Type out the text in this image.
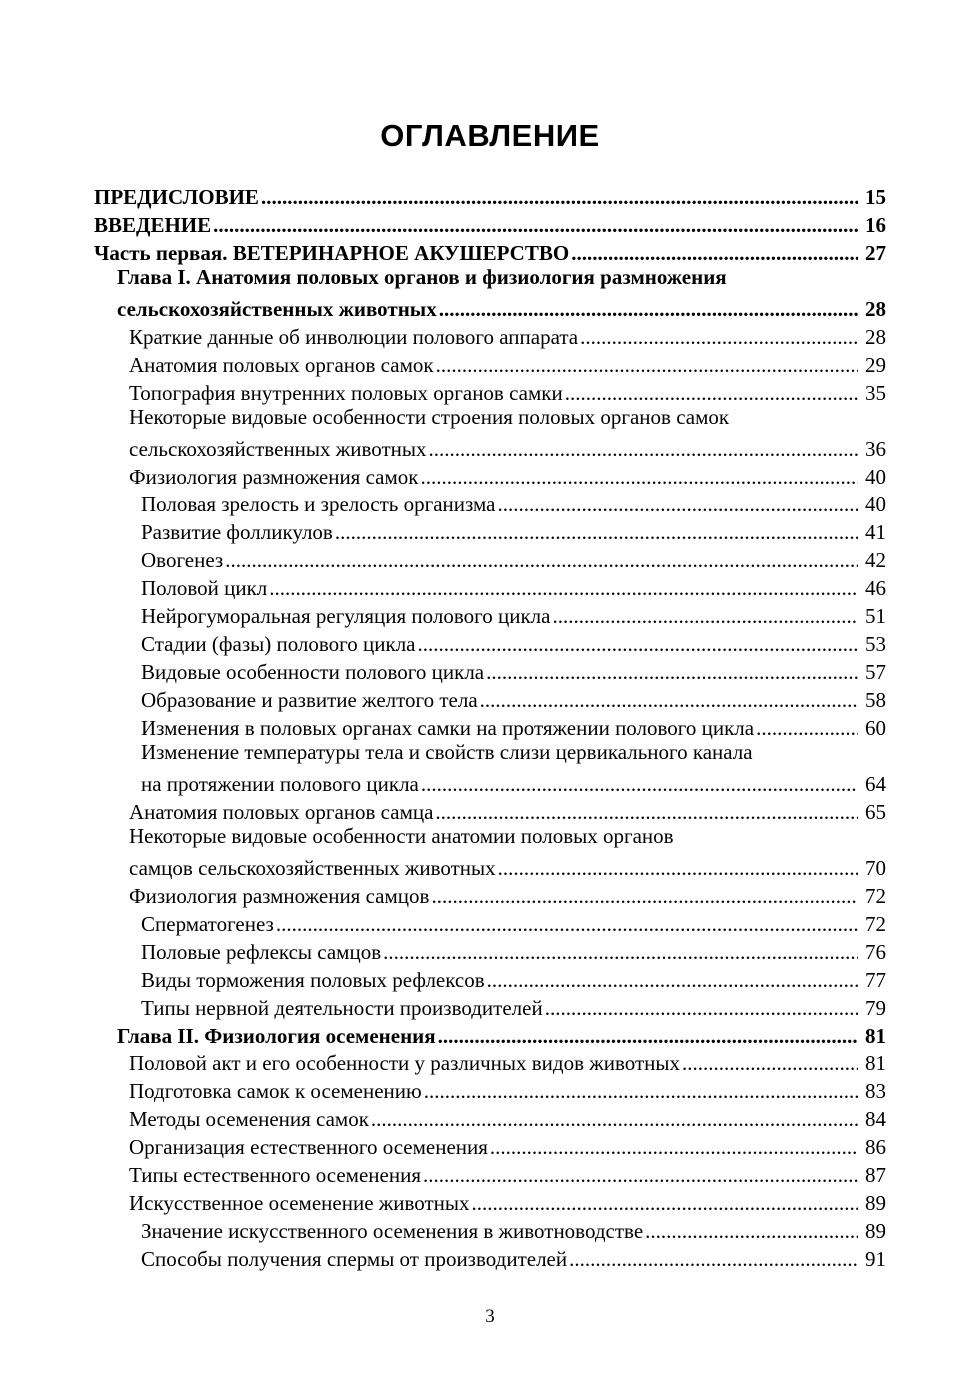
ОГЛАВЛЕНИЕ
ПРЕДИСЛОВИЕ .....	15
ВВЕДЕНИЕ .....	16
Часть первая. ВЕТЕРИНАРНОЕ АКУШЕРСТВО .....	27
Глава I. Анатомия половых органов и физиология размножения
сельскохозяйственных животных .....	28
Краткие данные об инволюции полового аппарата .....	28
Анатомия половых органов самок .....	29
Топография внутренних половых органов самки .....	35
Некоторые видовые особенности строения половых органов самок
сельскохозяйственных животных .....	36
Физиология размножения самок .....	40
Половая зрелость и зрелость организма .....	40
Развитие фолликулов .....	41
Овогенез .....	42
Половой цикл .....	46
Нейрогуморальная регуляция полового цикла .....	51
Стадии (фазы) полового цикла .....	53
Видовые особенности полового цикла .....	57
Образование и развитие желтого тела .....	58
Изменения в половых органах самки на протяжении полового цикла .....	60
Изменение температуры тела и свойств слизи цервикального канала
на протяжении полового цикла .....	64
Анатомия половых органов самца .....	65
Некоторые видовые особенности анатомии половых органов
самцов сельскохозяйственных животных .....	70
Физиология размножения самцов .....	72
Сперматогенез .....	72
Половые рефлексы самцов .....	76
Виды торможения половых рефлексов .....	77
Типы нервной деятельности производителей .....	79
Глава II. Физиология осеменения .....	81
Половой акт и его особенности у различных видов животных .....	81
Подготовка самок к осеменению .....	83
Методы осеменения самок .....	84
Организация естественного осеменения .....	86
Типы естественного осеменения .....	87
Искусственное осеменение животных .....	89
Значение искусственного осеменения в животноводстве .....	89
Способы получения спермы от производителей .....	91
3
